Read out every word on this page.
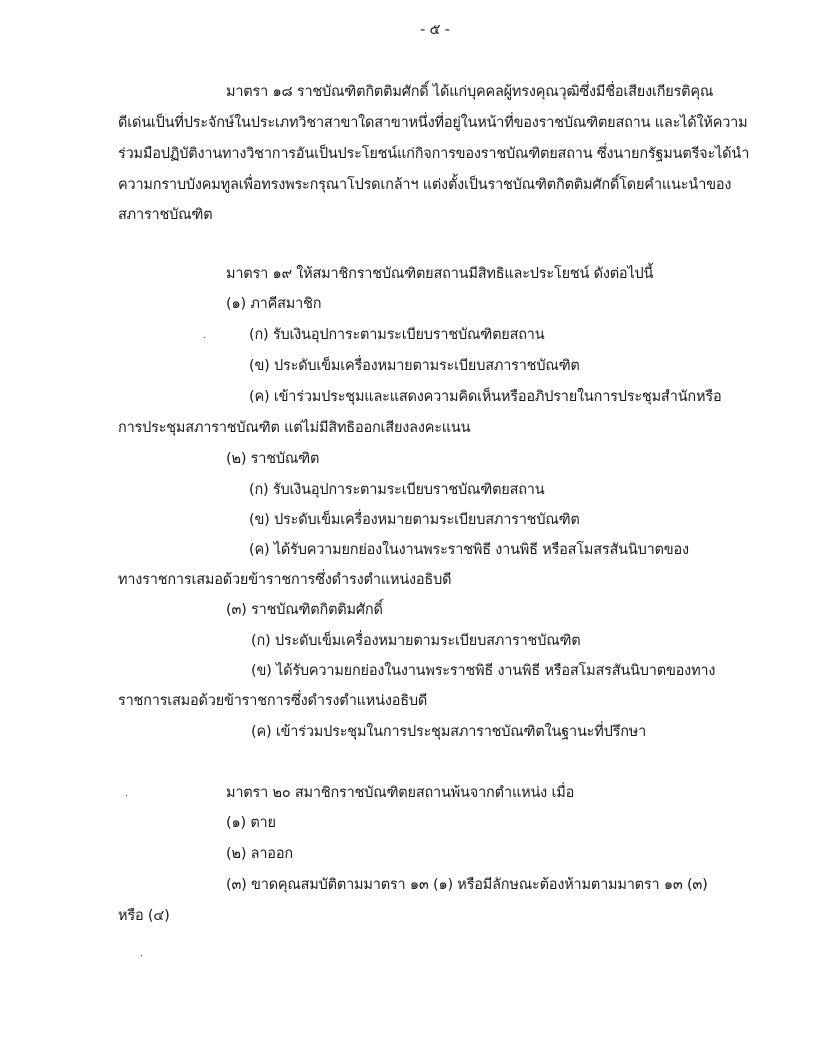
- ๕ -
มาตรา ๑๘ ราชบัณฑิตกิตติมศักดิ์ ได้แก่บุคคลผู้ทรงคุณวุฒิซึ่งมีชื่อเสียงเกียรติคุณ
ดีเด่นเป็นที่ประจักษ์ในประเภทวิชาสาขาใดสาขาหนึ่งที่อยู่ในหน้าที่ของราชบัณฑิตยสถาน และได้ให้ความ
ร่วมมือปฏิบัติงานทางวิชาการอันเป็นประโยชน์แก่กิจการของราชบัณฑิตยสถาน ซึ่งนายกรัฐมนตรีจะได้นำ
ความกราบบังคมทูลเพื่อทรงพระกรุณาโปรดเกล้าฯ แต่งตั้งเป็นราชบัณฑิตกิตติมศักดิ์โดยคำแนะนำของ
สภาราชบัณฑิต
มาตรา ๑๙ ให้สมาชิกราชบัณฑิตยสถานมีสิทธิและประโยชน์ ดังต่อไปนี้
(๑) ภาคีสมาชิก
(ก) รับเงินอุปการะตามระเบียบราชบัณฑิตยสถาน
(ข) ประดับเข็มเครื่องหมายตามระเบียบสภาราชบัณฑิต
(ค) เข้าร่วมประชุมและแสดงความคิดเห็นหรืออภิปรายในการประชุมสำนักหรือ
การประชุมสภาราชบัณฑิต แต่ไม่มีสิทธิออกเสียงลงคะแนน
(๒) ราชบัณฑิต
(ก) รับเงินอุปการะตามระเบียบราชบัณฑิตยสถาน
(ข) ประดับเข็มเครื่องหมายตามระเบียบสภาราชบัณฑิต
(ค) ได้รับความยกย่องในงานพระราชพิธี งานพิธี หรือสโมสรสันนิบาตของ
ทางราชการเสมอด้วยข้าราชการซึ่งดำรงตำแหน่งอธิบดี
(๓) ราชบัณฑิตกิตติมศักดิ์
(ก) ประดับเข็มเครื่องหมายตามระเบียบสภาราชบัณฑิต
(ข) ได้รับความยกย่องในงานพระราชพิธี งานพิธี หรือสโมสรสันนิบาตของทาง
ราชการเสมอด้วยข้าราชการซึ่งดำรงตำแหน่งอธิบดี
(ค) เข้าร่วมประชุมในการประชุมสภาราชบัณฑิตในฐานะที่ปรึกษา
มาตรา ๒๐ สมาชิกราชบัณฑิตยสถานพ้นจากตำแหน่ง เมื่อ
(๑) ตาย
(๒) ลาออก
(๓) ขาดคุณสมบัติตามมาตรา ๑๓ (๑) หรือมีลักษณะต้องห้ามตามมาตรา ๑๓ (๓)
หรือ (๔)
.
.
.
